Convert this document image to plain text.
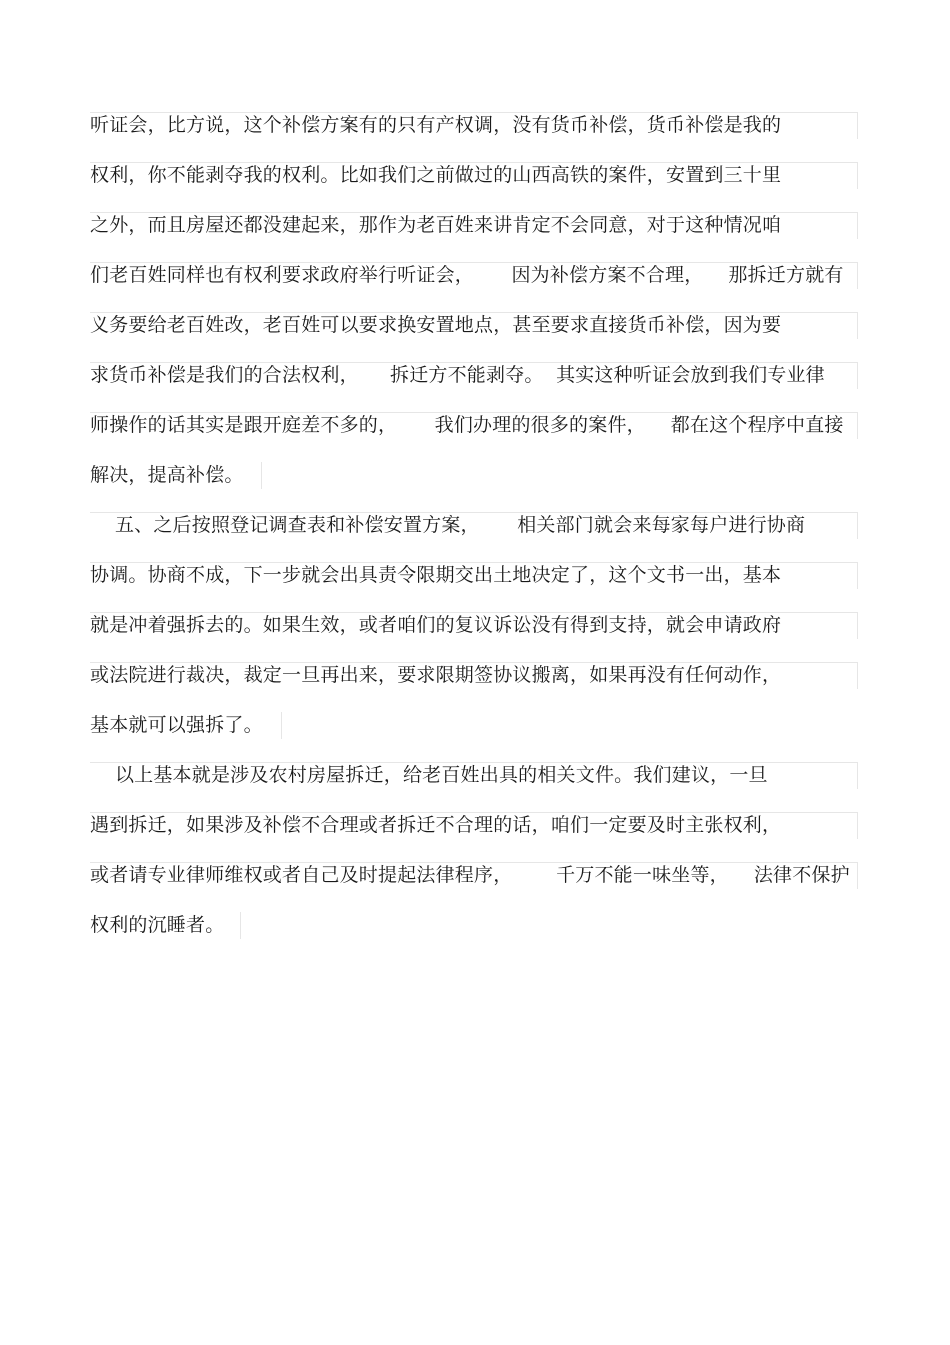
听证会，比方说，这个补偿方案有的只有产权调，没有货币补偿，货币补偿是我的
权利，你不能剥夺我的权利。比如我们之前做过的山西高铁的案件，安置到三十里
之外，而且房屋还都没建起来，那作为老百姓来讲肯定不会同意，对于这种情况咱
们老百姓同样也有权利要求政府举行听证会，      因为补偿方案不合理，    那拆迁方就有
义务要给老百姓改，老百姓可以要求换安置地点，甚至要求直接货币补偿，因为要
求货币补偿是我们的合法权利，     拆迁方不能剥夺。  其实这种听证会放到我们专业律
师操作的话其实是跟开庭差不多的，      我们办理的很多的案件，    都在这个程序中直接
解决，提高补偿。
五、之后按照登记调查表和补偿安置方案，      相关部门就会来每家每户进行协商
协调。协商不成，下一步就会出具责令限期交出土地决定了，这个文书一出，基本
就是冲着强拆去的。如果生效，或者咱们的复议诉讼没有得到支持，就会申请政府
或法院进行裁决，裁定一旦再出来，要求限期签协议搬离，如果再没有任何动作，
基本就可以强拆了。
以上基本就是涉及农村房屋拆迁，给老百姓出具的相关文件。我们建议，一旦
遇到拆迁，如果涉及补偿不合理或者拆迁不合理的话，咱们一定要及时主张权利，
或者请专业律师维权或者自己及时提起法律程序，       千万不能一味坐等，    法律不保护
权利的沉睡者。
